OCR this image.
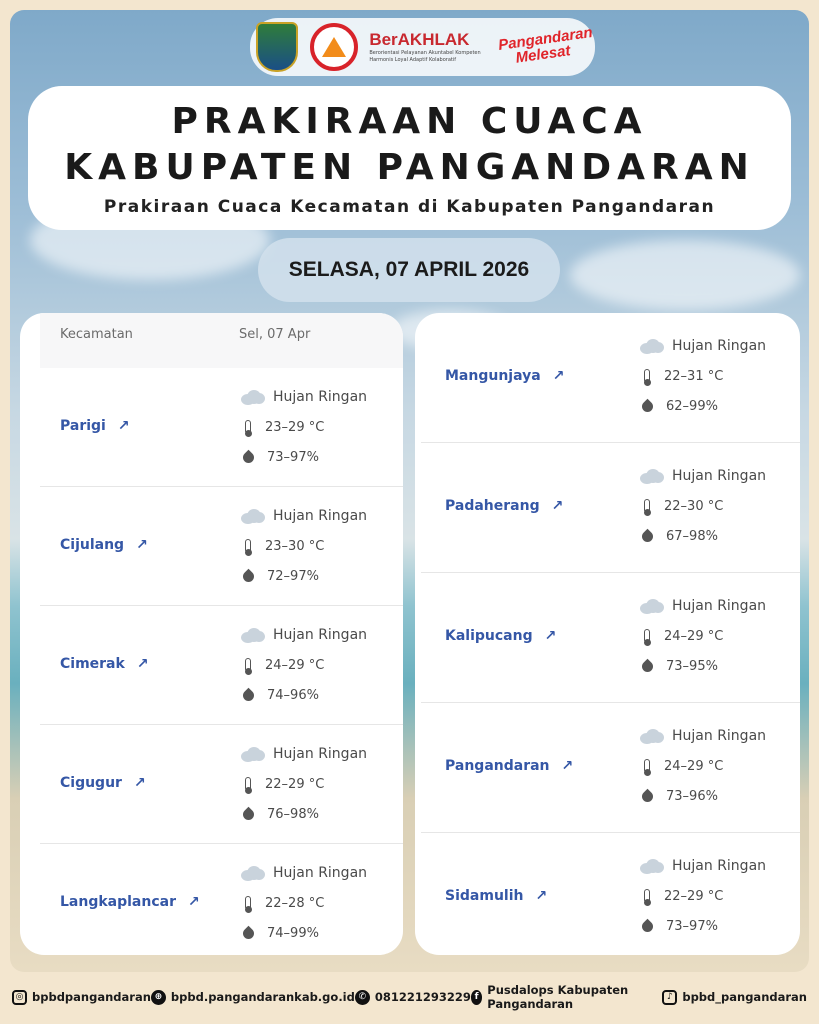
BerAKHLAK
Berorientasi Pelayanan Akuntabel Kompeten
Harmonis Loyal Adaptif Kolaboratif
Pangandaran Melesat
PRAKIRAAN CUACA
KABUPATEN PANGANDARAN
Prakiraan Cuaca Kecamatan di Kabupaten Pangandaran
SELASA, 07 APRIL 2026
Kecamatan	Sel, 07 Apr
Parigi ↗
Hujan Ringan
23–29 °C
73–97%
Cijulang ↗
Hujan Ringan
23–30 °C
72–97%
Cimerak ↗
Hujan Ringan
24–29 °C
74–96%
Cigugur ↗
Hujan Ringan
22–29 °C
76–98%
Langkaplancar ↗
Hujan Ringan
22–28 °C
74–99%
Mangunjaya ↗
Hujan Ringan
22–31 °C
62–99%
Padaherang ↗
Hujan Ringan
22–30 °C
67–98%
Kalipucang ↗
Hujan Ringan
24–29 °C
73–95%
Pangandaran ↗
Hujan Ringan
24–29 °C
73–96%
Sidamulih ↗
Hujan Ringan
22–29 °C
73–97%
◎ bpbdpangandaran ⊕ bpbd.pangandarankab.go.id ✆ 081221293229 f Pusdalops Kabupaten Pangandaran	♪ bpbd_pangandaran
